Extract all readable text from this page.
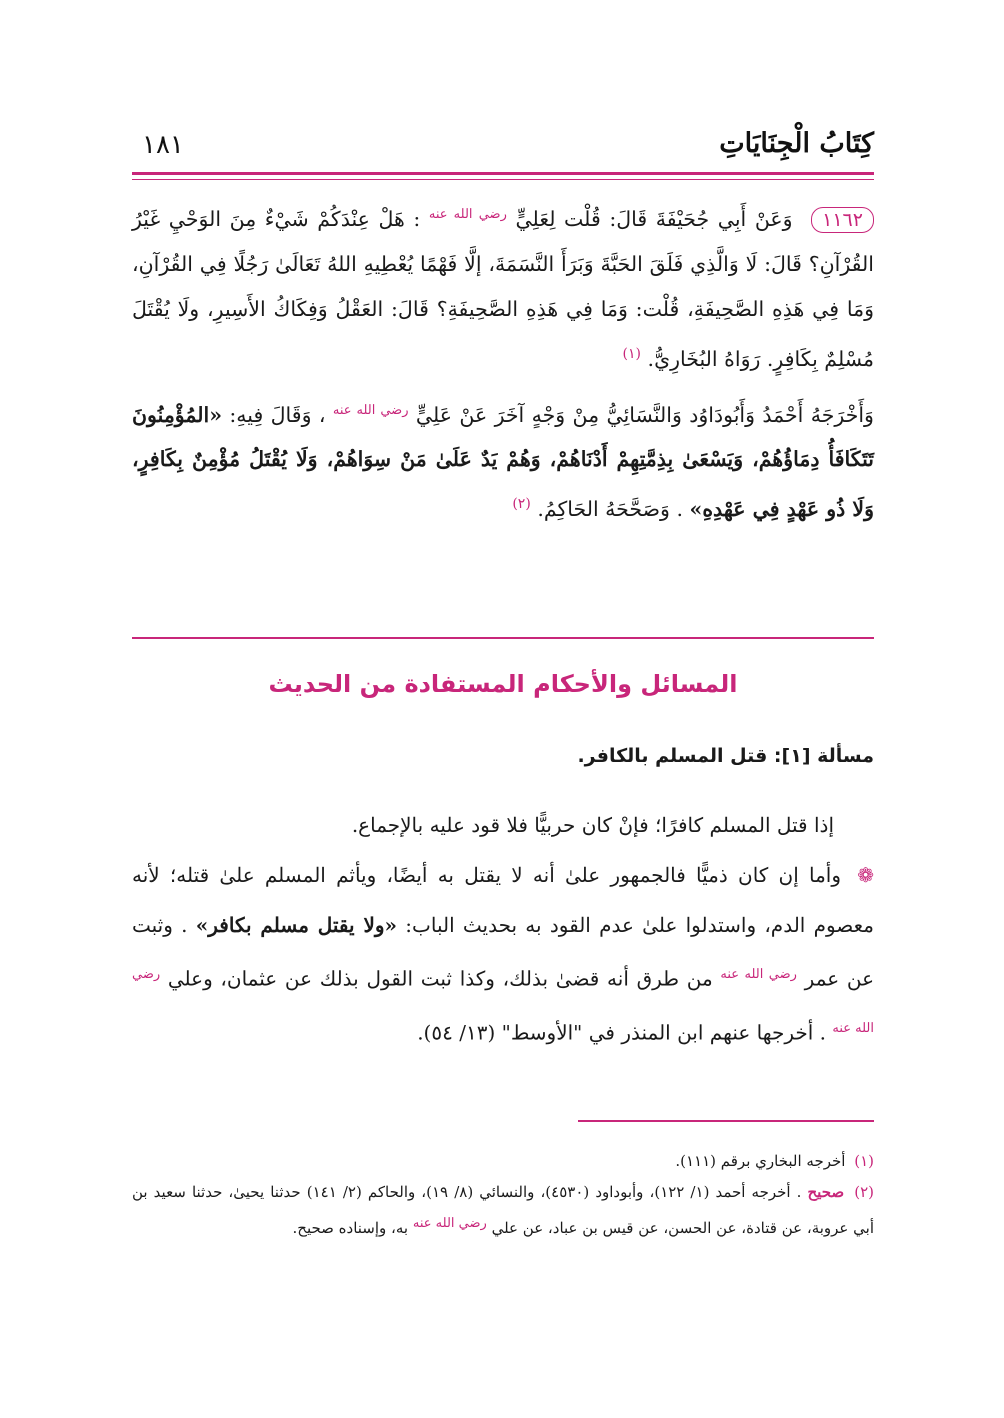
كِتَابُ الْجِنَايَاتِ
١٨١

١١٦٢ وَعَنْ أَبِي جُحَيْفَةَ قَالَ: قُلْت لِعَلِيٍّ $^{رضي الله عنه}$ : هَلْ عِنْدَكُمْ شَيْءٌ مِنَ الوَحْيِ غَيْرُ القُرْآنِ؟ قَالَ: لَا وَالَّذِي فَلَقَ الحَبَّةَ وَبَرَأَ النَّسَمَةَ، إلَّا فَهْمًا يُعْطِيهِ اللهُ تَعَالَىٰ رَجُلًا فِي القُرْآنِ، وَمَا فِي هَذِهِ الصَّحِيفَةِ، قُلْت: وَمَا فِي هَذِهِ الصَّحِيفَةِ؟ قَالَ: العَقْلُ وَفِكَاكُ الأَسِيرِ، ولَا يُقْتَلَ مُسْلِمٌ بِكَافِرٍ. رَوَاهُ البُخَارِيُّ. $^{(١)}$

وَأَخْرَجَهُ أَحْمَدُ وَأَبُودَاوُد وَالنَّسَائِيُّ مِنْ وَجْهٍ آخَرَ عَنْ عَلِيٍّ $^{رضي الله عنه}$ ، وَقَالَ فِيهِ: «المُؤْمِنُونَ تَتَكَافَأُ دِمَاؤُهُمْ، وَيَسْعَىٰ بِذِمَّتِهِمْ أَدْنَاهُمْ، وَهُمْ يَدٌ عَلَىٰ مَنْ سِوَاهُمْ، وَلَا يُقْتَلُ مُؤْمِنٌ بِكَافِرٍ، وَلَا ذُو عَهْدٍ فِي عَهْدِهِ» . وَصَحَّحَهُ الحَاكِمُ. $^{(٢)}$

المسائل والأحكام المستفادة من الحديث
مسألة [١]: قتل المسلم بالكافر.

إذا قتل المسلم كافرًا؛ فإنْ كان حربيًّا فلا قود عليه بالإجماع.

❁ وأما إن كان ذميًّا فالجمهور علىٰ أنه لا يقتل به أيضًا، ويأثم المسلم علىٰ قتله؛ لأنه معصوم الدم، واستدلوا علىٰ عدم القود به بحديث الباب: «ولا يقتل مسلم بكافر» . وثبت عن عمر $^{رضي الله عنه}$ من طرق أنه قضىٰ بذلك، وكذا ثبت القول بذلك عن عثمان، وعلي $^{رضي الله عنه}$ . أخرجها عنهم ابن المنذر في "الأوسط" (١٣/ ٥٤).

(١) أخرجه البخاري برقم (١١١).

(٢) صحيح . أخرجه أحمد (١/ ١٢٢)، وأبوداود (٤٥٣٠)، والنسائي (٨/ ١٩)، والحاكم (٢/ ١٤١) حدثنا يحيىٰ، حدثنا سعيد بن أبي عروبة، عن قتادة، عن الحسن، عن قيس بن عباد، عن علي رضي الله عنه به، وإسناده صحيح.
